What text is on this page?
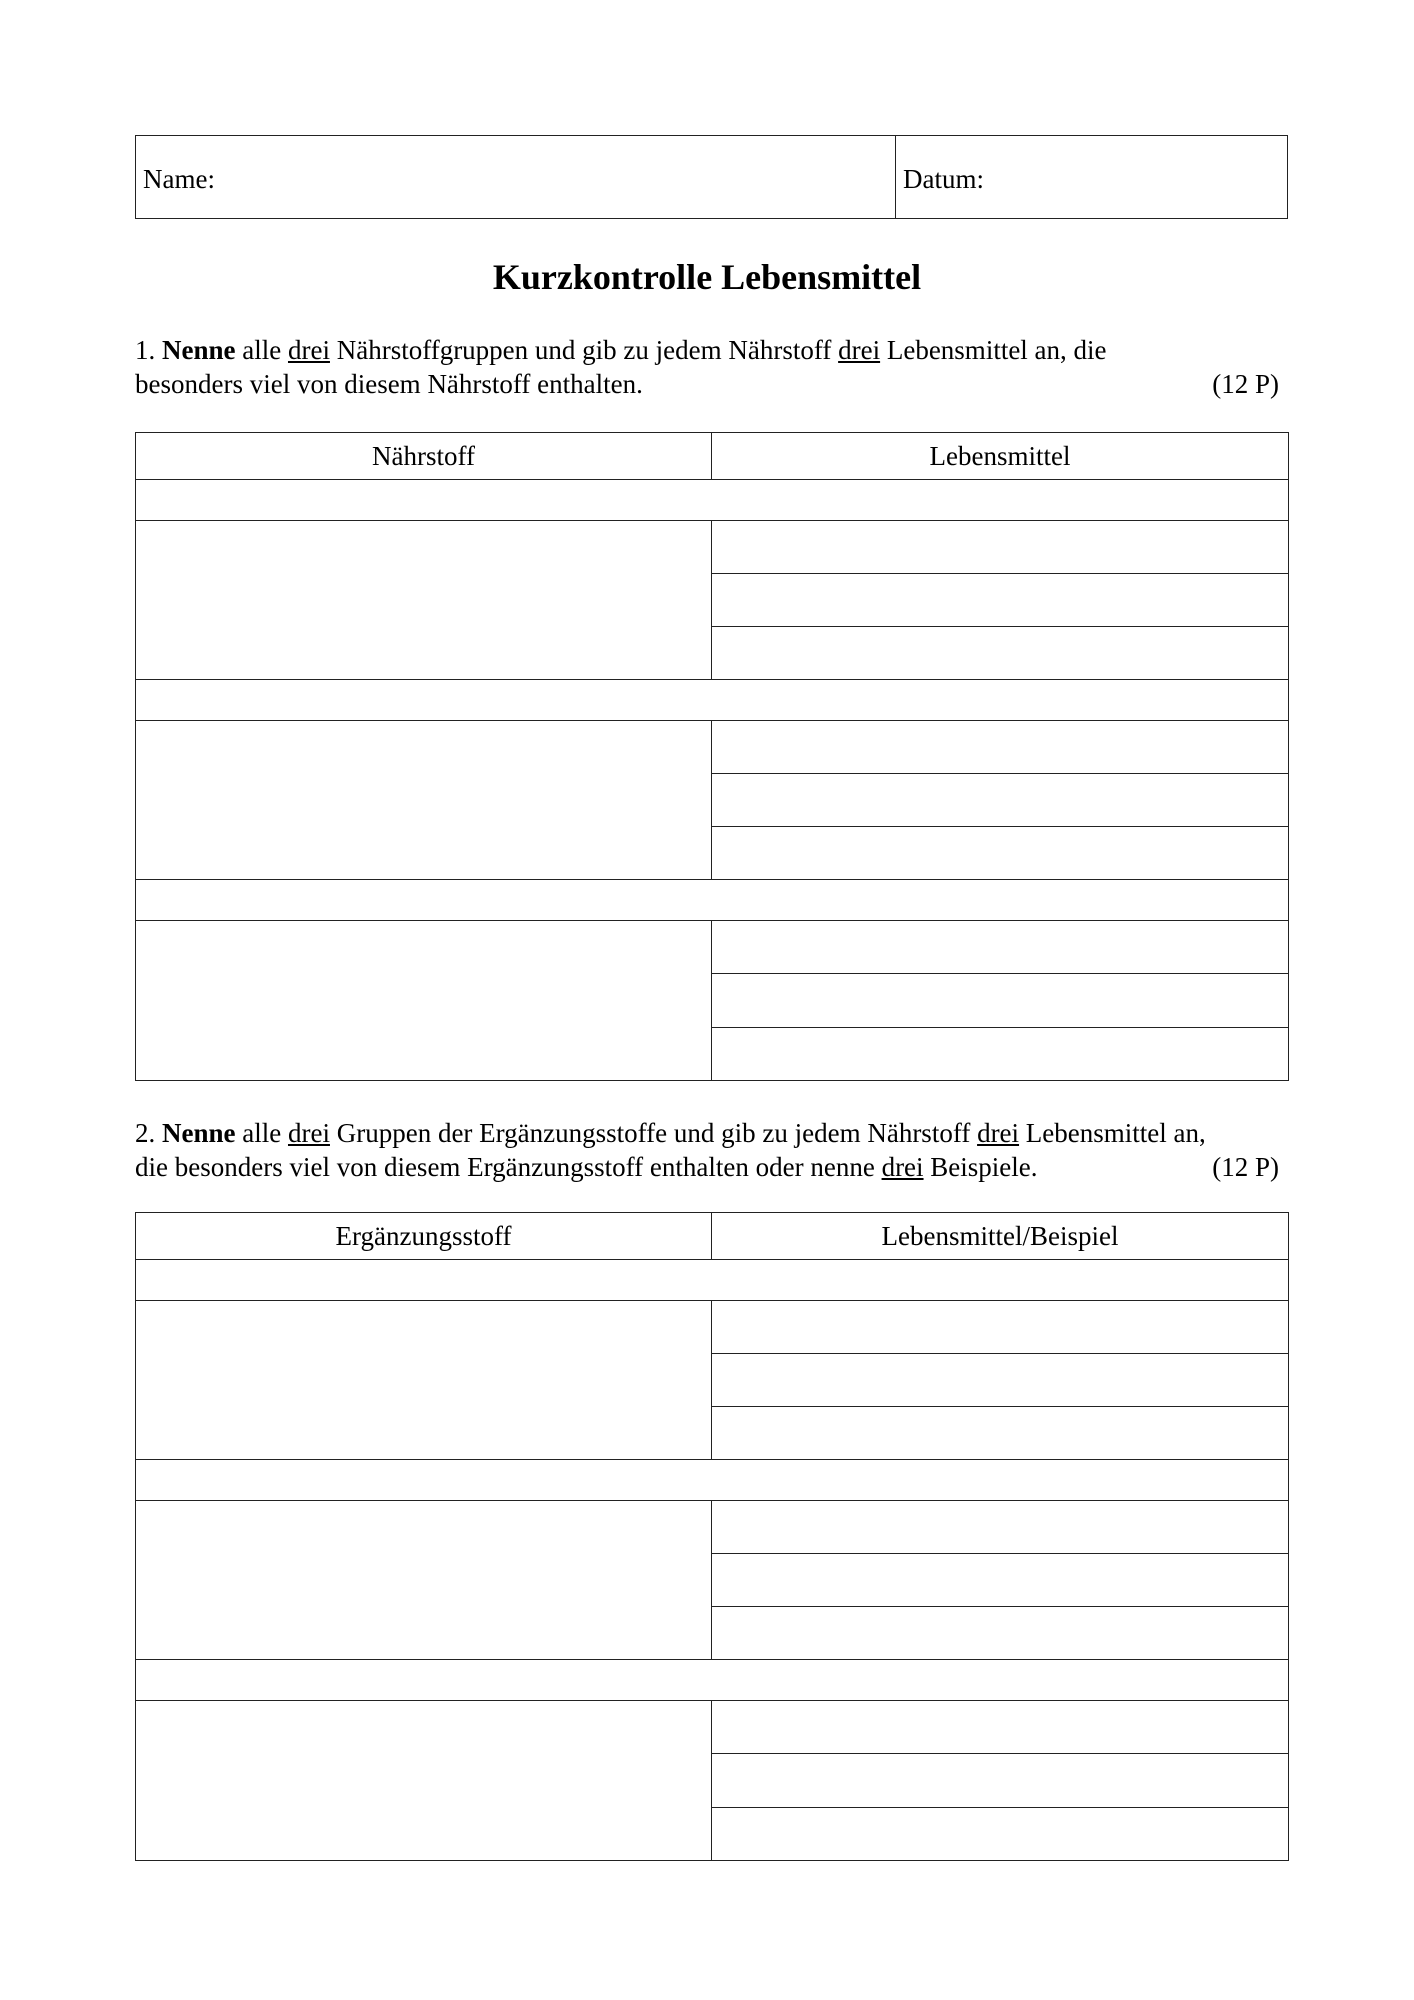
Name:	Datum:
Kurzkontrolle Lebensmittel
1. Nenne alle drei Nährstoffgruppen und gib zu jedem Nährstoff drei Lebensmittel an, die
besonders viel von diesem Nährstoff enthalten.	(12 P)
Nährstoff	Lebensmittel
2. Nenne alle drei Gruppen der Ergänzungsstoffe und gib zu jedem Nährstoff drei Lebensmittel an,
die besonders viel von diesem Ergänzungsstoff enthalten oder nenne drei Beispiele.	(12 P)
Ergänzungsstoff	Lebensmittel/Beispiel
